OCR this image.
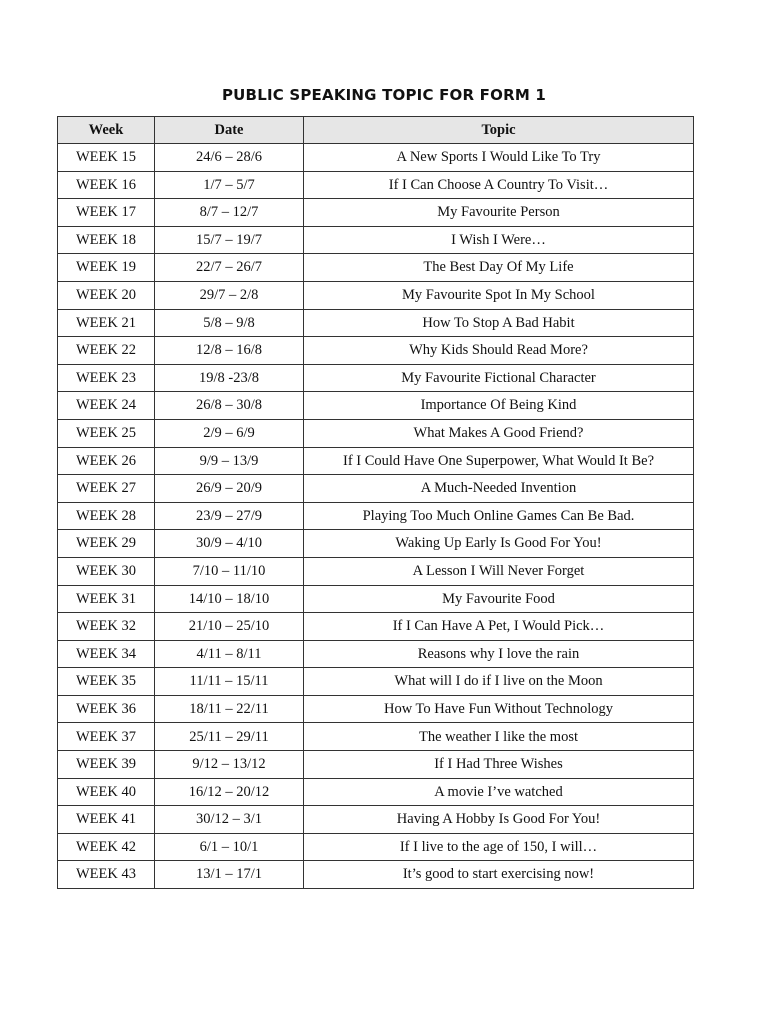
PUBLIC SPEAKING TOPIC FOR FORM 1
Week	Date	Topic
WEEK 15	24/6 – 28/6	A New Sports I Would Like To Try
WEEK 16	1/7 – 5/7	If I Can Choose A Country To Visit…
WEEK 17	8/7 – 12/7	My Favourite Person
WEEK 18	15/7 – 19/7	I Wish I Were…
WEEK 19	22/7 – 26/7	The Best Day Of My Life
WEEK 20	29/7 – 2/8	My Favourite Spot In My School
WEEK 21	5/8 – 9/8	How To Stop A Bad Habit
WEEK 22	12/8 – 16/8	Why Kids Should Read More?
WEEK 23	19/8 -23/8	My Favourite Fictional Character
WEEK 24	26/8 – 30/8	Importance Of Being Kind
WEEK 25	2/9 – 6/9	What Makes A Good Friend?
WEEK 26	9/9 – 13/9	If I Could Have One Superpower, What Would It Be?
WEEK 27	26/9 – 20/9	A Much-Needed Invention
WEEK 28	23/9 – 27/9	Playing Too Much Online Games Can Be Bad.
WEEK 29	30/9 – 4/10	Waking Up Early Is Good For You!
WEEK 30	7/10 – 11/10	A Lesson I Will Never Forget
WEEK 31	14/10 – 18/10	My Favourite Food
WEEK 32	21/10 – 25/10	If I Can Have A Pet, I Would Pick…
WEEK 34	4/11 – 8/11	Reasons why I love the rain
WEEK 35	11/11 – 15/11	What will I do if I live on the Moon
WEEK 36	18/11 – 22/11	How To Have Fun Without Technology
WEEK 37	25/11 – 29/11	The weather I like the most
WEEK 39	9/12 – 13/12	If I Had Three Wishes
WEEK 40	16/12 – 20/12	A movie I’ve watched
WEEK 41	30/12 – 3/1	Having A Hobby Is Good For You!
WEEK 42	6/1 – 10/1	If I live to the age of 150, I will…
WEEK 43	13/1 – 17/1	It’s good to start exercising now!
